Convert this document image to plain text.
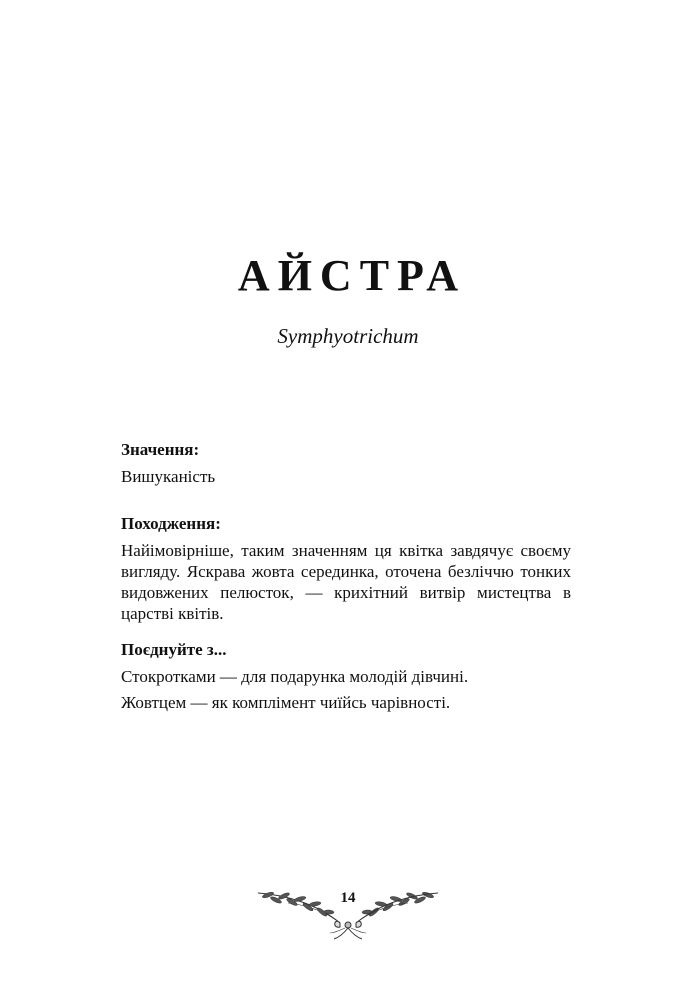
АЙСТРА
Symphyotrichum

Значення:

Вишуканість

Походження:

Найімовірніше, таким значенням ця квітка завдячує своєму вигляду. Яскрава жовта серединка, оточена безліччю тонких видовжених пелюсток, — крихітний витвір мистецтва в царстві квітів.

Поєднуйте з...

Стокротками — для подарунка молодій дівчині.

Жовтцем — як комплімент чиїйсь чарівності.

14
